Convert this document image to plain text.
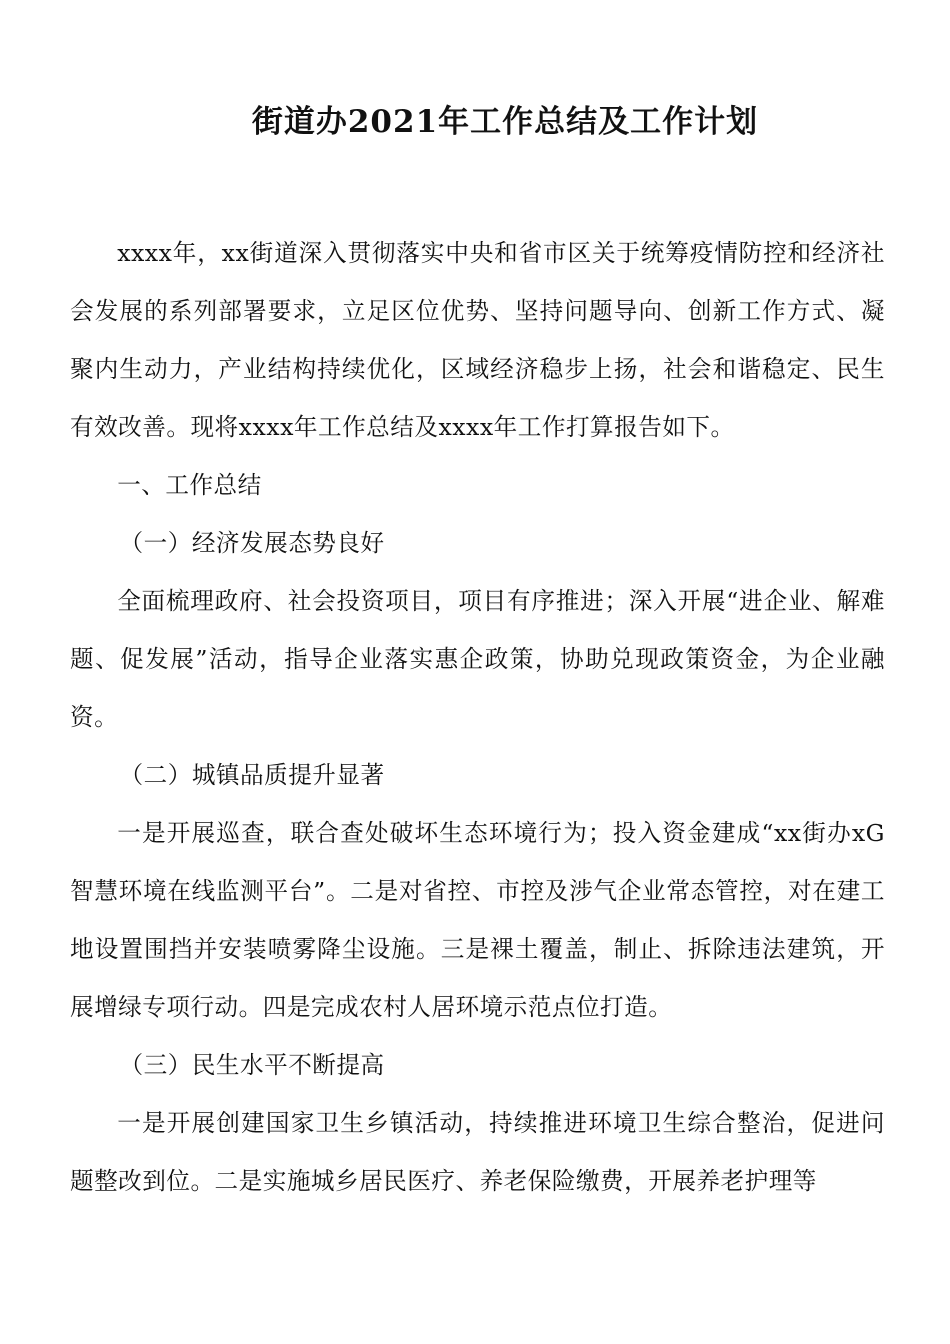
街道办2021年工作总结及工作计划

xxxx年，xx街道深入贯彻落实中央和省市区关于统筹疫情防控和经济社会发展的系列部署要求，立足区位优势、坚持问题导向、创新工作方式、凝聚内生动力，产业结构持续优化，区域经济稳步上扬，社会和谐稳定、民生有效改善。现将xxxx年工作总结及xxxx年工作打算报告如下。

一、工作总结

（一）经济发展态势良好

全面梳理政府、社会投资项目，项目有序推进；深入开展“进企业、解难题、促发展”活动，指导企业落实惠企政策，协助兑现政策资金，为企业融资。

（二）城镇品质提升显著

一是开展巡查，联合查处破坏生态环境行为；投入资金建成“xx街办xG智慧环境在线监测平台”。二是对省控、市控及涉气企业常态管控，对在建工地设置围挡并安装喷雾降尘设施。三是裸土覆盖，制止、拆除违法建筑，开展增绿专项行动。四是完成农村人居环境示范点位打造。

（三）民生水平不断提高

一是开展创建国家卫生乡镇活动，持续推进环境卫生综合整治，促进问题整改到位。二是实施城乡居民医疗、养老保险缴费，开展养老护理等
